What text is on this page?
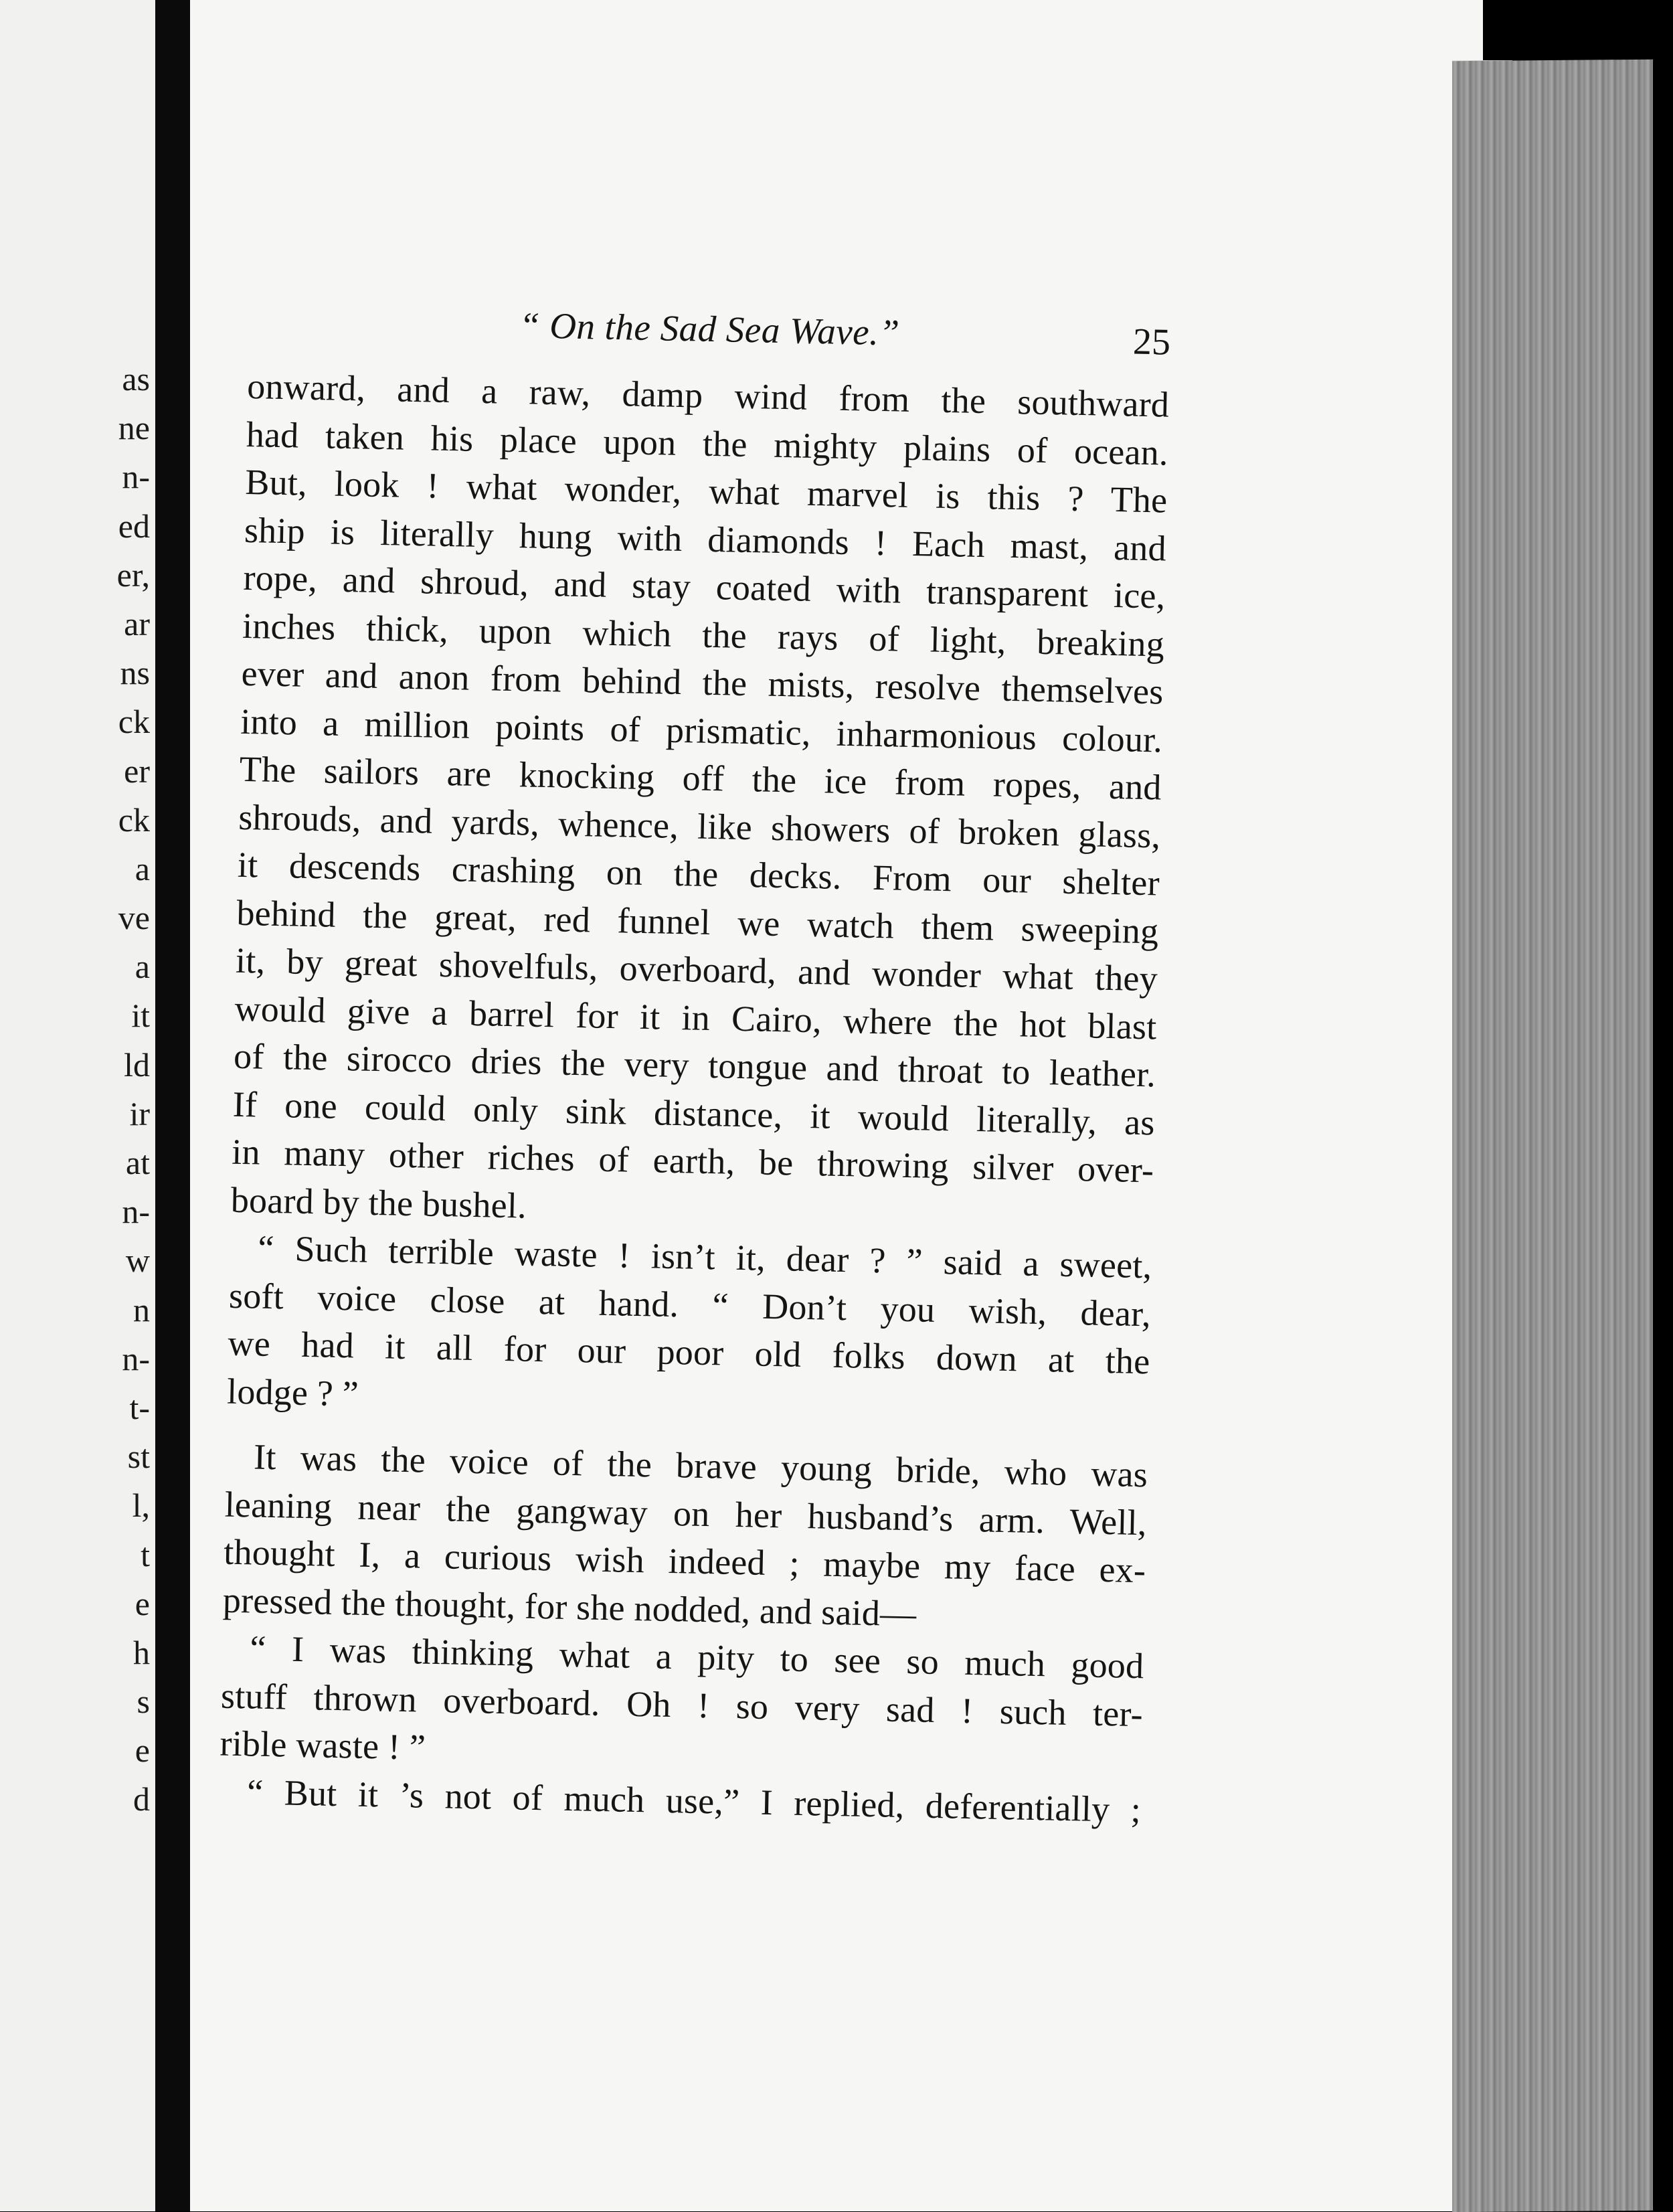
as
ne
n-
ed
er,
ar
ns
ck
er
ck
a
ve
a
it
ld
ir
at
n-
w
n
n-
t-
st
l,
t
e
h
s
e
d
“ On the Sad Sea Wave.”	25
onward, and a raw, damp wind from the southward
had taken his place upon the mighty plains of ocean.
But, look ! what wonder, what marvel is this ? The
ship is literally hung with diamonds ! Each mast, and
rope, and shroud, and stay coated with transparent ice,
inches thick, upon which the rays of light, breaking
ever and anon from behind the mists, resolve themselves
into a million points of prismatic, inharmonious colour.
The sailors are knocking off the ice from ropes, and
shrouds, and yards, whence, like showers of broken glass,
it descends crashing on the decks. From our shelter
behind the great, red funnel we watch them sweeping
it, by great shovelfuls, overboard, and wonder what they
would give a barrel for it in Cairo, where the hot blast
of the sirocco dries the very tongue and throat to leather.
If one could only sink distance, it would literally, as
in many other riches of earth, be throwing silver over-
board by the bushel.
“ Such terrible waste ! isn’t it, dear ? ” said a sweet,
soft voice close at hand. “ Don’t you wish, dear,
we had it all for our poor old folks down at the
lodge ? ”
It was the voice of the brave young bride, who was
leaning near the gangway on her husband’s arm. Well,
thought I, a curious wish indeed ; maybe my face ex-
pressed the thought, for she nodded, and said—
“ I was thinking what a pity to see so much good
stuff thrown overboard. Oh ! so very sad ! such ter-
rible waste ! ”
“ But it ’s not of much use,” I replied, deferentially ;
